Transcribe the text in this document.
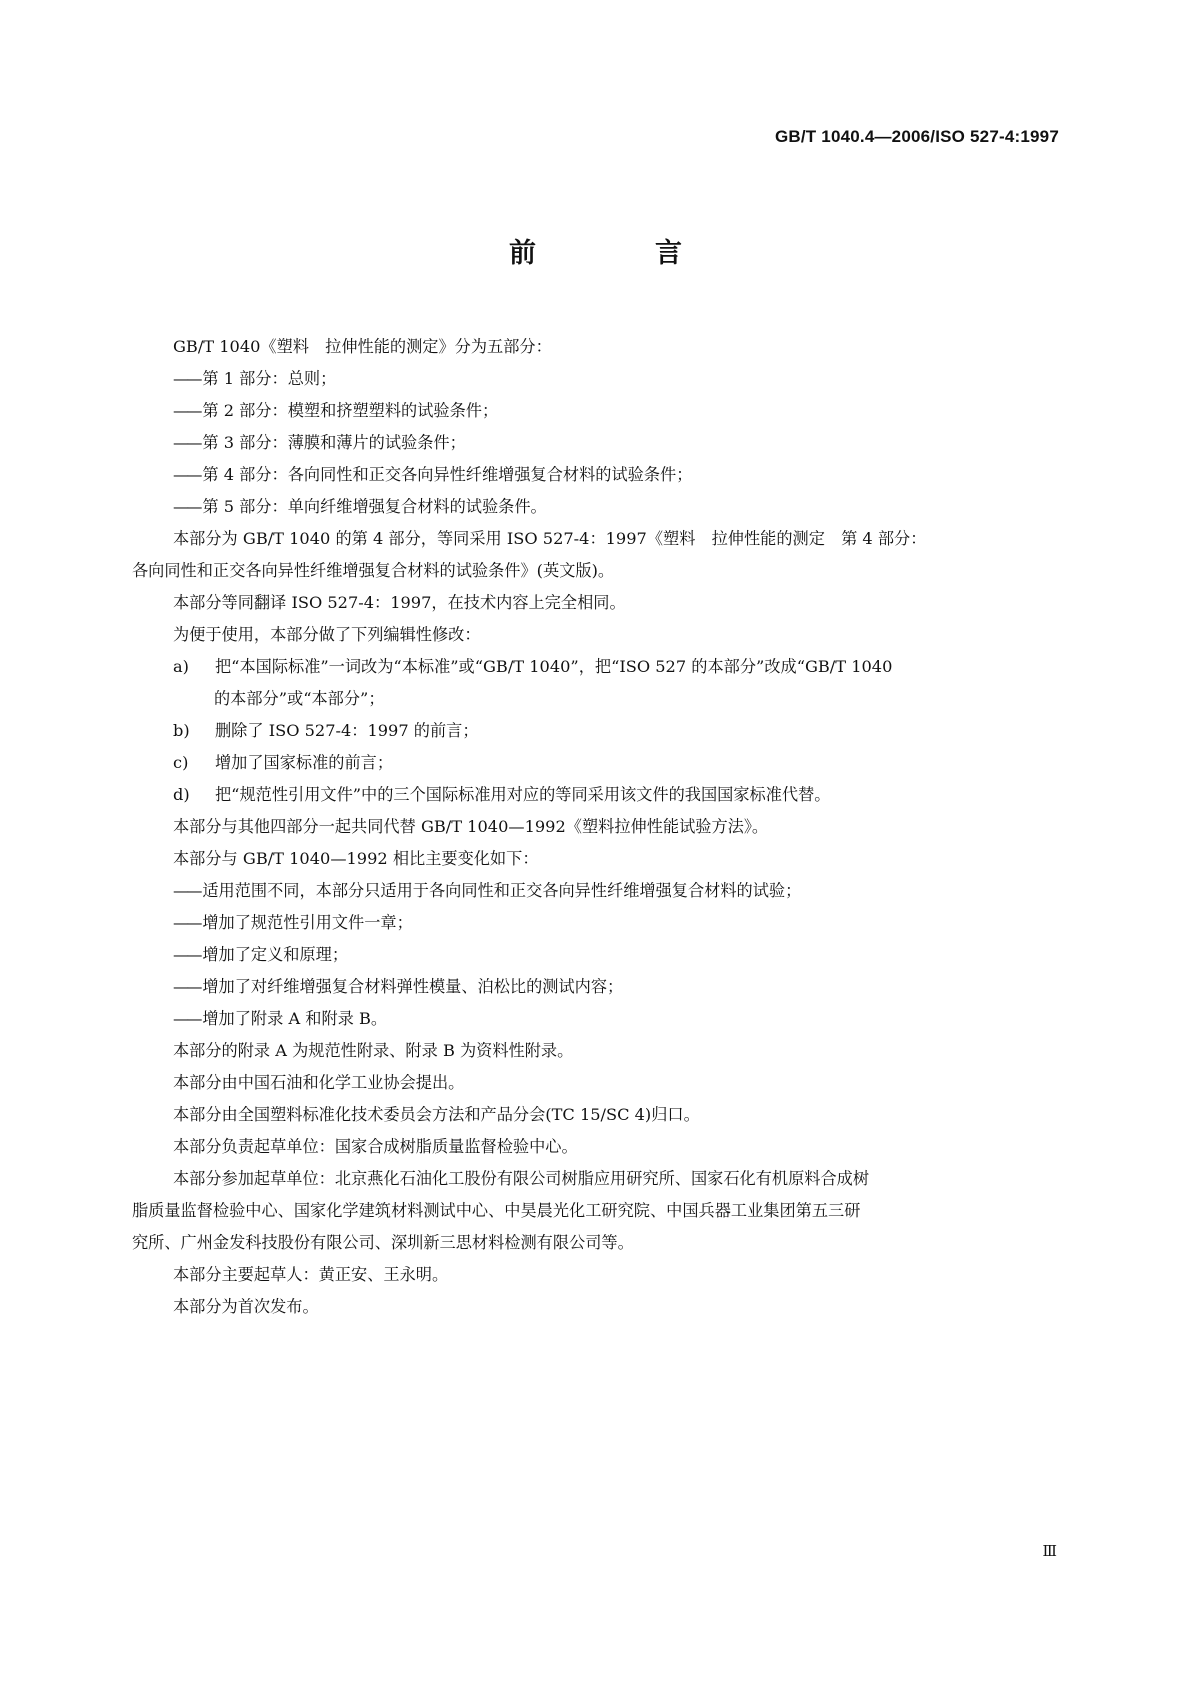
GB/T 1040.4—2006/ISO 527-4:1997
前　言
GB/T 1040《塑料　拉伸性能的测定》分为五部分：
—— 第 1 部分：总则；
—— 第 2 部分：模塑和挤塑塑料的试验条件；
—— 第 3 部分：薄膜和薄片的试验条件；
—— 第 4 部分：各向同性和正交各向异性纤维增强复合材料的试验条件；
—— 第 5 部分：单向纤维增强复合材料的试验条件。
本部分为 GB/T 1040 的第 4 部分，等同采用 ISO 527-4：1997《塑料　拉伸性能的测定　第 4 部分：
各向同性和正交各向异性纤维增强复合材料的试验条件》(英文版)。
本部分等同翻译 ISO 527-4：1997，在技术内容上完全相同。
为便于使用，本部分做了下列编辑性修改：
a) 把“本国际标准”一词改为“本标准”或“GB/T 1040”，把“ISO 527 的本部分”改成“GB/T 1040
的本部分”或“本部分”；
b) 删除了 ISO 527-4：1997 的前言；
c) 增加了国家标准的前言；
d) 把“规范性引用文件”中的三个国际标准用对应的等同采用该文件的我国国家标准代替。
本部分与其他四部分一起共同代替 GB/T 1040—1992《塑料拉伸性能试验方法》。
本部分与 GB/T 1040—1992 相比主要变化如下：
—— 适用范围不同，本部分只适用于各向同性和正交各向异性纤维增强复合材料的试验；
—— 增加了规范性引用文件一章；
—— 增加了定义和原理；
—— 增加了对纤维增强复合材料弹性模量、泊松比的测试内容；
—— 增加了附录 A 和附录 B。
本部分的附录 A 为规范性附录、附录 B 为资料性附录。
本部分由中国石油和化学工业协会提出。
本部分由全国塑料标准化技术委员会方法和产品分会(TC 15/SC 4)归口。
本部分负责起草单位：国家合成树脂质量监督检验中心。
本部分参加起草单位：北京燕化石油化工股份有限公司树脂应用研究所、国家石化有机原料合成树
脂质量监督检验中心、国家化学建筑材料测试中心、中昊晨光化工研究院、中国兵器工业集团第五三研
究所、广州金发科技股份有限公司、深圳新三思材料检测有限公司等。
本部分主要起草人：黄正安、王永明。
本部分为首次发布。
Ⅲ
